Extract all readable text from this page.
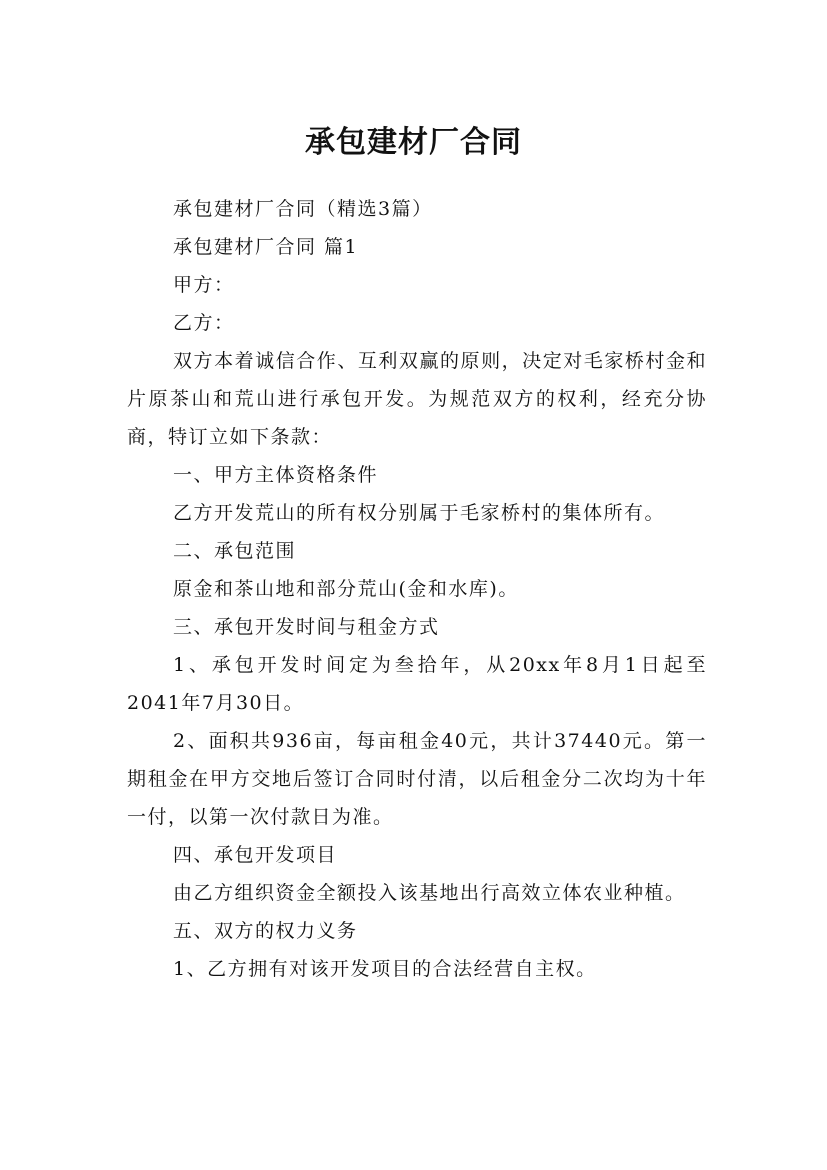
承包建材厂合同

承包建材厂合同（精选3篇）

承包建材厂合同 篇1

甲方：

乙方：

双方本着诚信合作、互利双赢的原则，决定对毛家桥村金和片原茶山和荒山进行承包开发。为规范双方的权利，经充分协商，特订立如下条款：

一、甲方主体资格条件

乙方开发荒山的所有权分别属于毛家桥村的集体所有。

二、承包范围

原金和茶山地和部分荒山(金和水库)。

三、承包开发时间与租金方式

1、承包开发时间定为叁拾年，从20xx年8月1日起至2041年7月30日。

2、面积共936亩，每亩租金40元，共计37440元。第一期租金在甲方交地后签订合同时付清，以后租金分二次均为十年一付，以第一次付款日为准。

四、承包开发项目

由乙方组织资金全额投入该基地出行高效立体农业种植。

五、双方的权力义务

1、乙方拥有对该开发项目的合法经营自主权。
